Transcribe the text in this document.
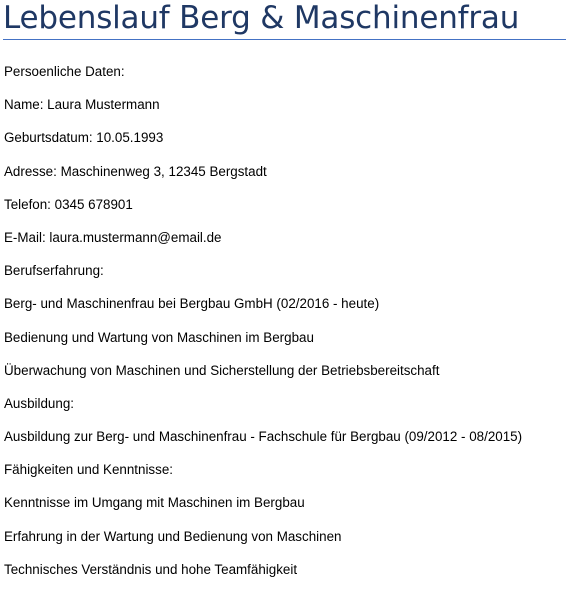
Lebenslauf Berg & Maschinenfrau

Persoenliche Daten:

Name: Laura Mustermann

Geburtsdatum: 10.05.1993

Adresse: Maschinenweg 3, 12345 Bergstadt

Telefon: 0345 678901

E-Mail: laura.mustermann@email.de

Berufserfahrung:

Berg- und Maschinenfrau bei Bergbau GmbH (02/2016 - heute)

Bedienung und Wartung von Maschinen im Bergbau

Überwachung von Maschinen und Sicherstellung der Betriebsbereitschaft

Ausbildung:

Ausbildung zur Berg- und Maschinenfrau - Fachschule für Bergbau (09/2012 - 08/2015)

Fähigkeiten und Kenntnisse:

Kenntnisse im Umgang mit Maschinen im Bergbau

Erfahrung in der Wartung und Bedienung von Maschinen

Technisches Verständnis und hohe Teamfähigkeit
